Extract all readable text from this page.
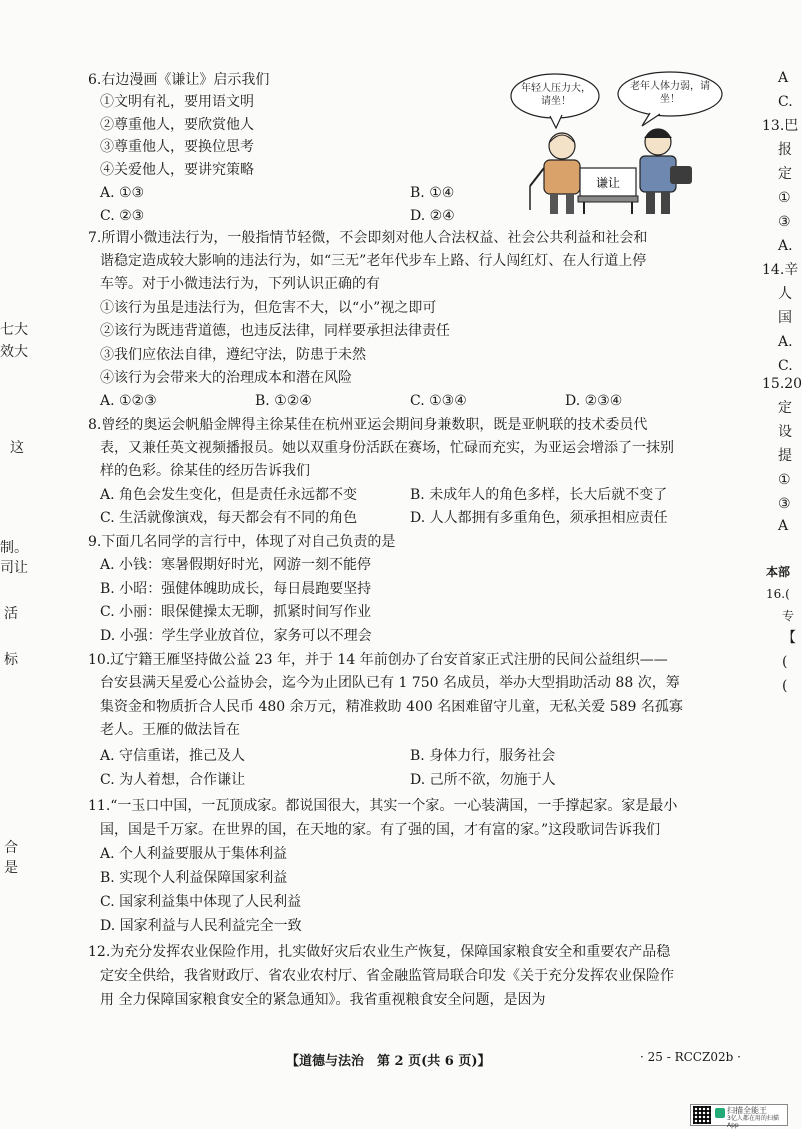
七大
效大
这
制。
司让
活
标
合
是
A
C.
13.巴
报
定
①
③
A.
14.辛
人
国
A.
C.
15.20
定
设
提
①
③
A
本部
16.(
专
【
(
(
6.右边漫画《谦让》启示我们
①文明有礼，要用语文明
②尊重他人，要欣赏他人
③尊重他人，要换位思考
④关爱他人，要讲究策略
A. ①③	B. ①④
C. ②③	D. ②④
年轻人压力大，请坐！
老年人体力弱，请坐！
谦让
7.所谓小微违法行为，一般指情节轻微，不会即刻对他人合法权益、社会公共利益和社会和
谐稳定造成较大影响的违法行为，如“三无”老年代步车上路、行人闯红灯、在人行道上停
车等。对于小微违法行为，下列认识正确的有
①该行为虽是违法行为，但危害不大，以“小”视之即可
②该行为既违背道德，也违反法律，同样要承担法律责任
③我们应依法自律，遵纪守法，防患于未然
④该行为会带来大的治理成本和潜在风险
A. ①②③	B. ①②④	C. ①③④	D. ②③④
8.曾经的奥运会帆船金牌得主徐某佳在杭州亚运会期间身兼数职，既是亚帆联的技术委员代
表，又兼任英文视频播报员。她以双重身份活跃在赛场，忙碌而充实，为亚运会增添了一抹别
样的色彩。徐某佳的经历告诉我们
A. 角色会发生变化，但是责任永远都不变	B. 未成年人的角色多样，长大后就不变了
C. 生活就像演戏，每天都会有不同的角色	D. 人人都拥有多重角色，须承担相应责任
9.下面几名同学的言行中，体现了对自己负责的是
A. 小钱：寒暑假期好时光，网游一刻不能停
B. 小昭：强健体魄助成长，每日晨跑要坚持
C. 小丽：眼保健操太无聊，抓紧时间写作业
D. 小强：学生学业放首位，家务可以不理会
10.辽宁籍王雁坚持做公益 23 年，并于 14 年前创办了台安首家正式注册的民间公益组织——
台安县满天星爱心公益协会，迄今为止团队已有 1 750 名成员，举办大型捐助活动 88 次，筹
集资金和物质折合人民币 480 余万元，精准救助 400 名困难留守儿童，无私关爱 589 名孤寡
老人。王雁的做法旨在
A. 守信重诺，推己及人	B. 身体力行，服务社会
C. 为人着想，合作谦让	D. 己所不欲，勿施于人
11.“一玉口中国，一瓦顶成家。都说国很大，其实一个家。一心装满国，一手撑起家。家是最小
国，国是千万家。在世界的国，在天地的家。有了强的国，才有富的家。”这段歌词告诉我们
A. 个人利益要服从于集体利益
B. 实现个人利益保障国家利益
C. 国家利益集中体现了人民利益
D. 国家利益与人民利益完全一致
12.为充分发挥农业保险作用，扎实做好灾后农业生产恢复，保障国家粮食安全和重要农产品稳
定安全供给，我省财政厅、省农业农村厅、省金融监管局联合印发《关于充分发挥农业保险作
用 全力保障国家粮食安全的紧急通知》。我省重视粮食安全问题，是因为
【道德与法治　第 2 页(共 6 页)】	· 25 - RCCZ02b ·
扫描全能王
3亿人都在用的扫描App
